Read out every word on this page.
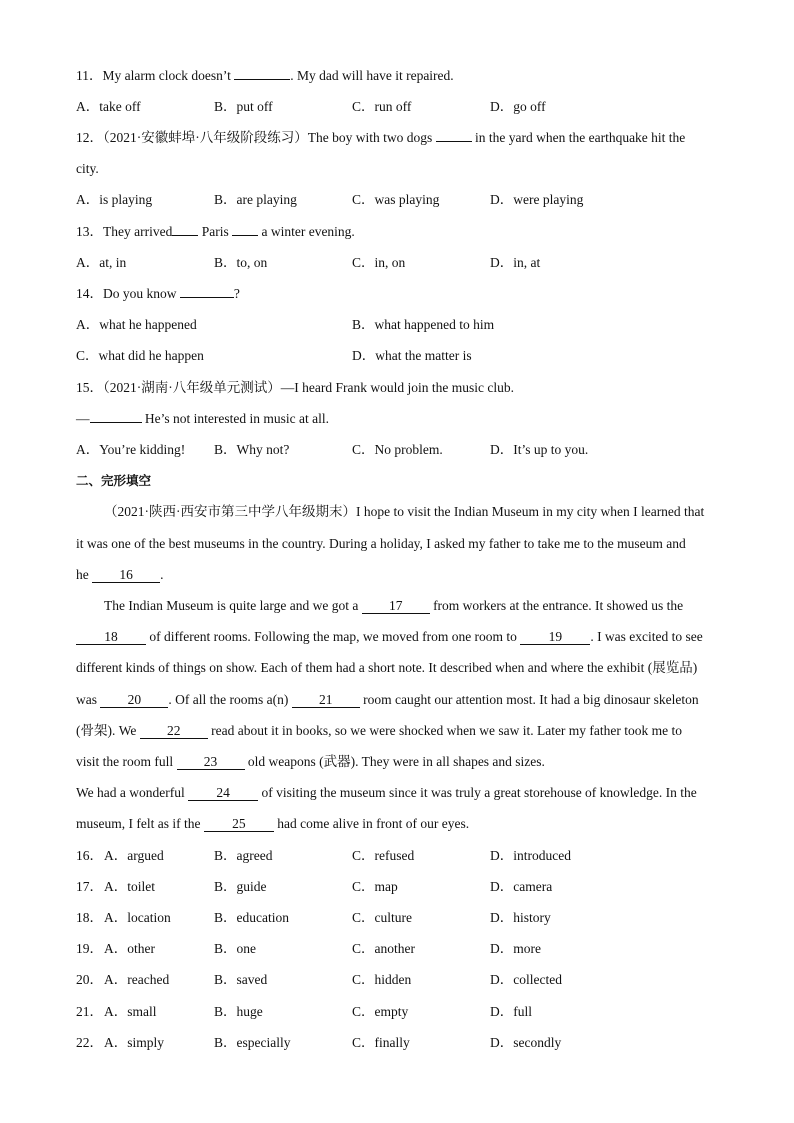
11．My alarm clock doesn’t	. My dad will have it repaired.
A．take off	B．put off	C．run off	D．go off
12．（2021·安徽蚌埠·八年级阶段练习）The boy with two dogs	in the yard when the earthquake hit the
city.
A．is playing	B．are playing	C．was playing	D．were playing
13．They arrived Paris  a winter evening.
A．at, in	B．to, on	C．in, on	D．in, at
14．Do you know	?
A．what he happened	B．what happened to him
C．what did he happen	D．what the matter is
15．（2021·湖南·八年级单元测试）—I heard Frank would join the music club.
—	He’s not interested in music at all.
A．You’re kidding! B．Why not?	C．No problem.	D．It’s up to you.
二、完形填空
（2021·陕西·西安市第三中学八年级期末）I hope to visit the Indian Museum in my city when I learned that
it was one of the best museums in the country. During a holiday, I asked my father to take me to the museum and
he 16 .
The Indian Museum is quite large and we got a 17 from workers at the entrance. It showed us the
18 of different rooms. Following the map, we moved from one room to 19 . I was excited to see
different kinds of things on show. Each of them had a short note. It described when and where the exhibit (展览品)
was 20 . Of all the rooms a(n) 21 room caught our attention most. It had a big dinosaur skeleton
(骨架). We 22 read about it in books, so we were shocked when we saw it. Later my father took me to
visit the room full 23 old weapons (武器). They were in all shapes and sizes.
We had a wonderful 24 of visiting the museum since it was truly a great storehouse of knowledge. In the
museum, I felt as if the 25 had come alive in front of our eyes.
16． A．argued	B．agreed	C．refused	D．introduced
17． A．toilet	B．guide	C．map	D．camera
18． A．location	B．education	C．culture	D．history
19． A．other	B．one	C．another	D．more
20． A．reached	B．saved	C．hidden	D．collected
21． A．small	B．huge	C．empty	D．full
22． A．simply	B．especially	C．finally	D．secondly
